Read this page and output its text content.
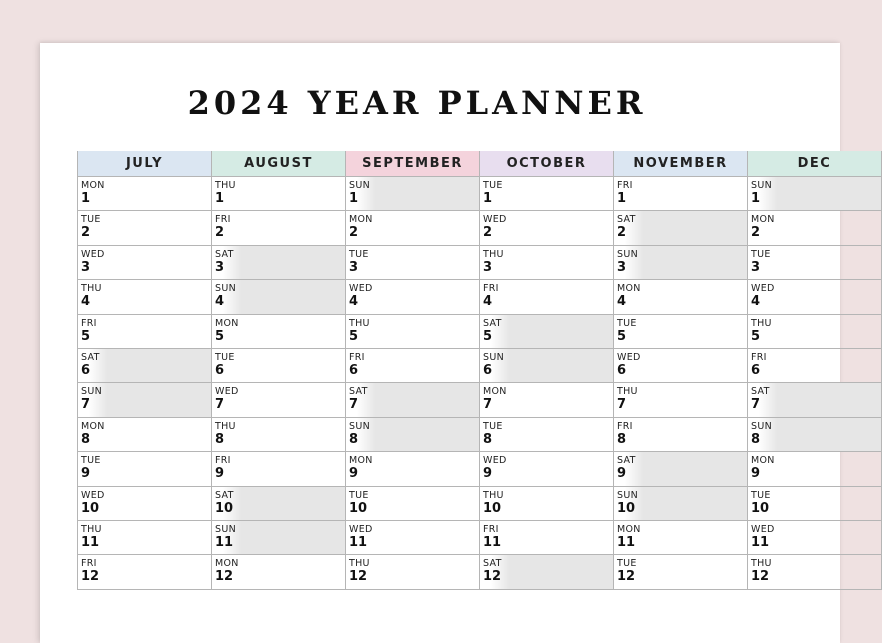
2024 YEAR PLANNER
JULY
MON
1
TUE
2
WED
3
THU
4
FRI
5
SAT
6
SUN
7
MON
8
TUE
9
WED
10
THU
11
FRI
12
AUGUST
THU
1
FRI
2
SAT
3
SUN
4
MON
5
TUE
6
WED
7
THU
8
FRI
9
SAT
10
SUN
11
MON
12
SEPTEMBER
SUN
1
MON
2
TUE
3
WED
4
THU
5
FRI
6
SAT
7
SUN
8
MON
9
TUE
10
WED
11
THU
12
OCTOBER
TUE
1
WED
2
THU
3
FRI
4
SAT
5
SUN
6
MON
7
TUE
8
WED
9
THU
10
FRI
11
SAT
12
NOVEMBER
FRI
1
SAT
2
SUN
3
MON
4
TUE
5
WED
6
THU
7
FRI
8
SAT
9
SUN
10
MON
11
TUE
12
DEC
SUN
1
MON
2
TUE
3
WED
4
THU
5
FRI
6
SAT
7
SUN
8
MON
9
TUE
10
WED
11
THU
12
